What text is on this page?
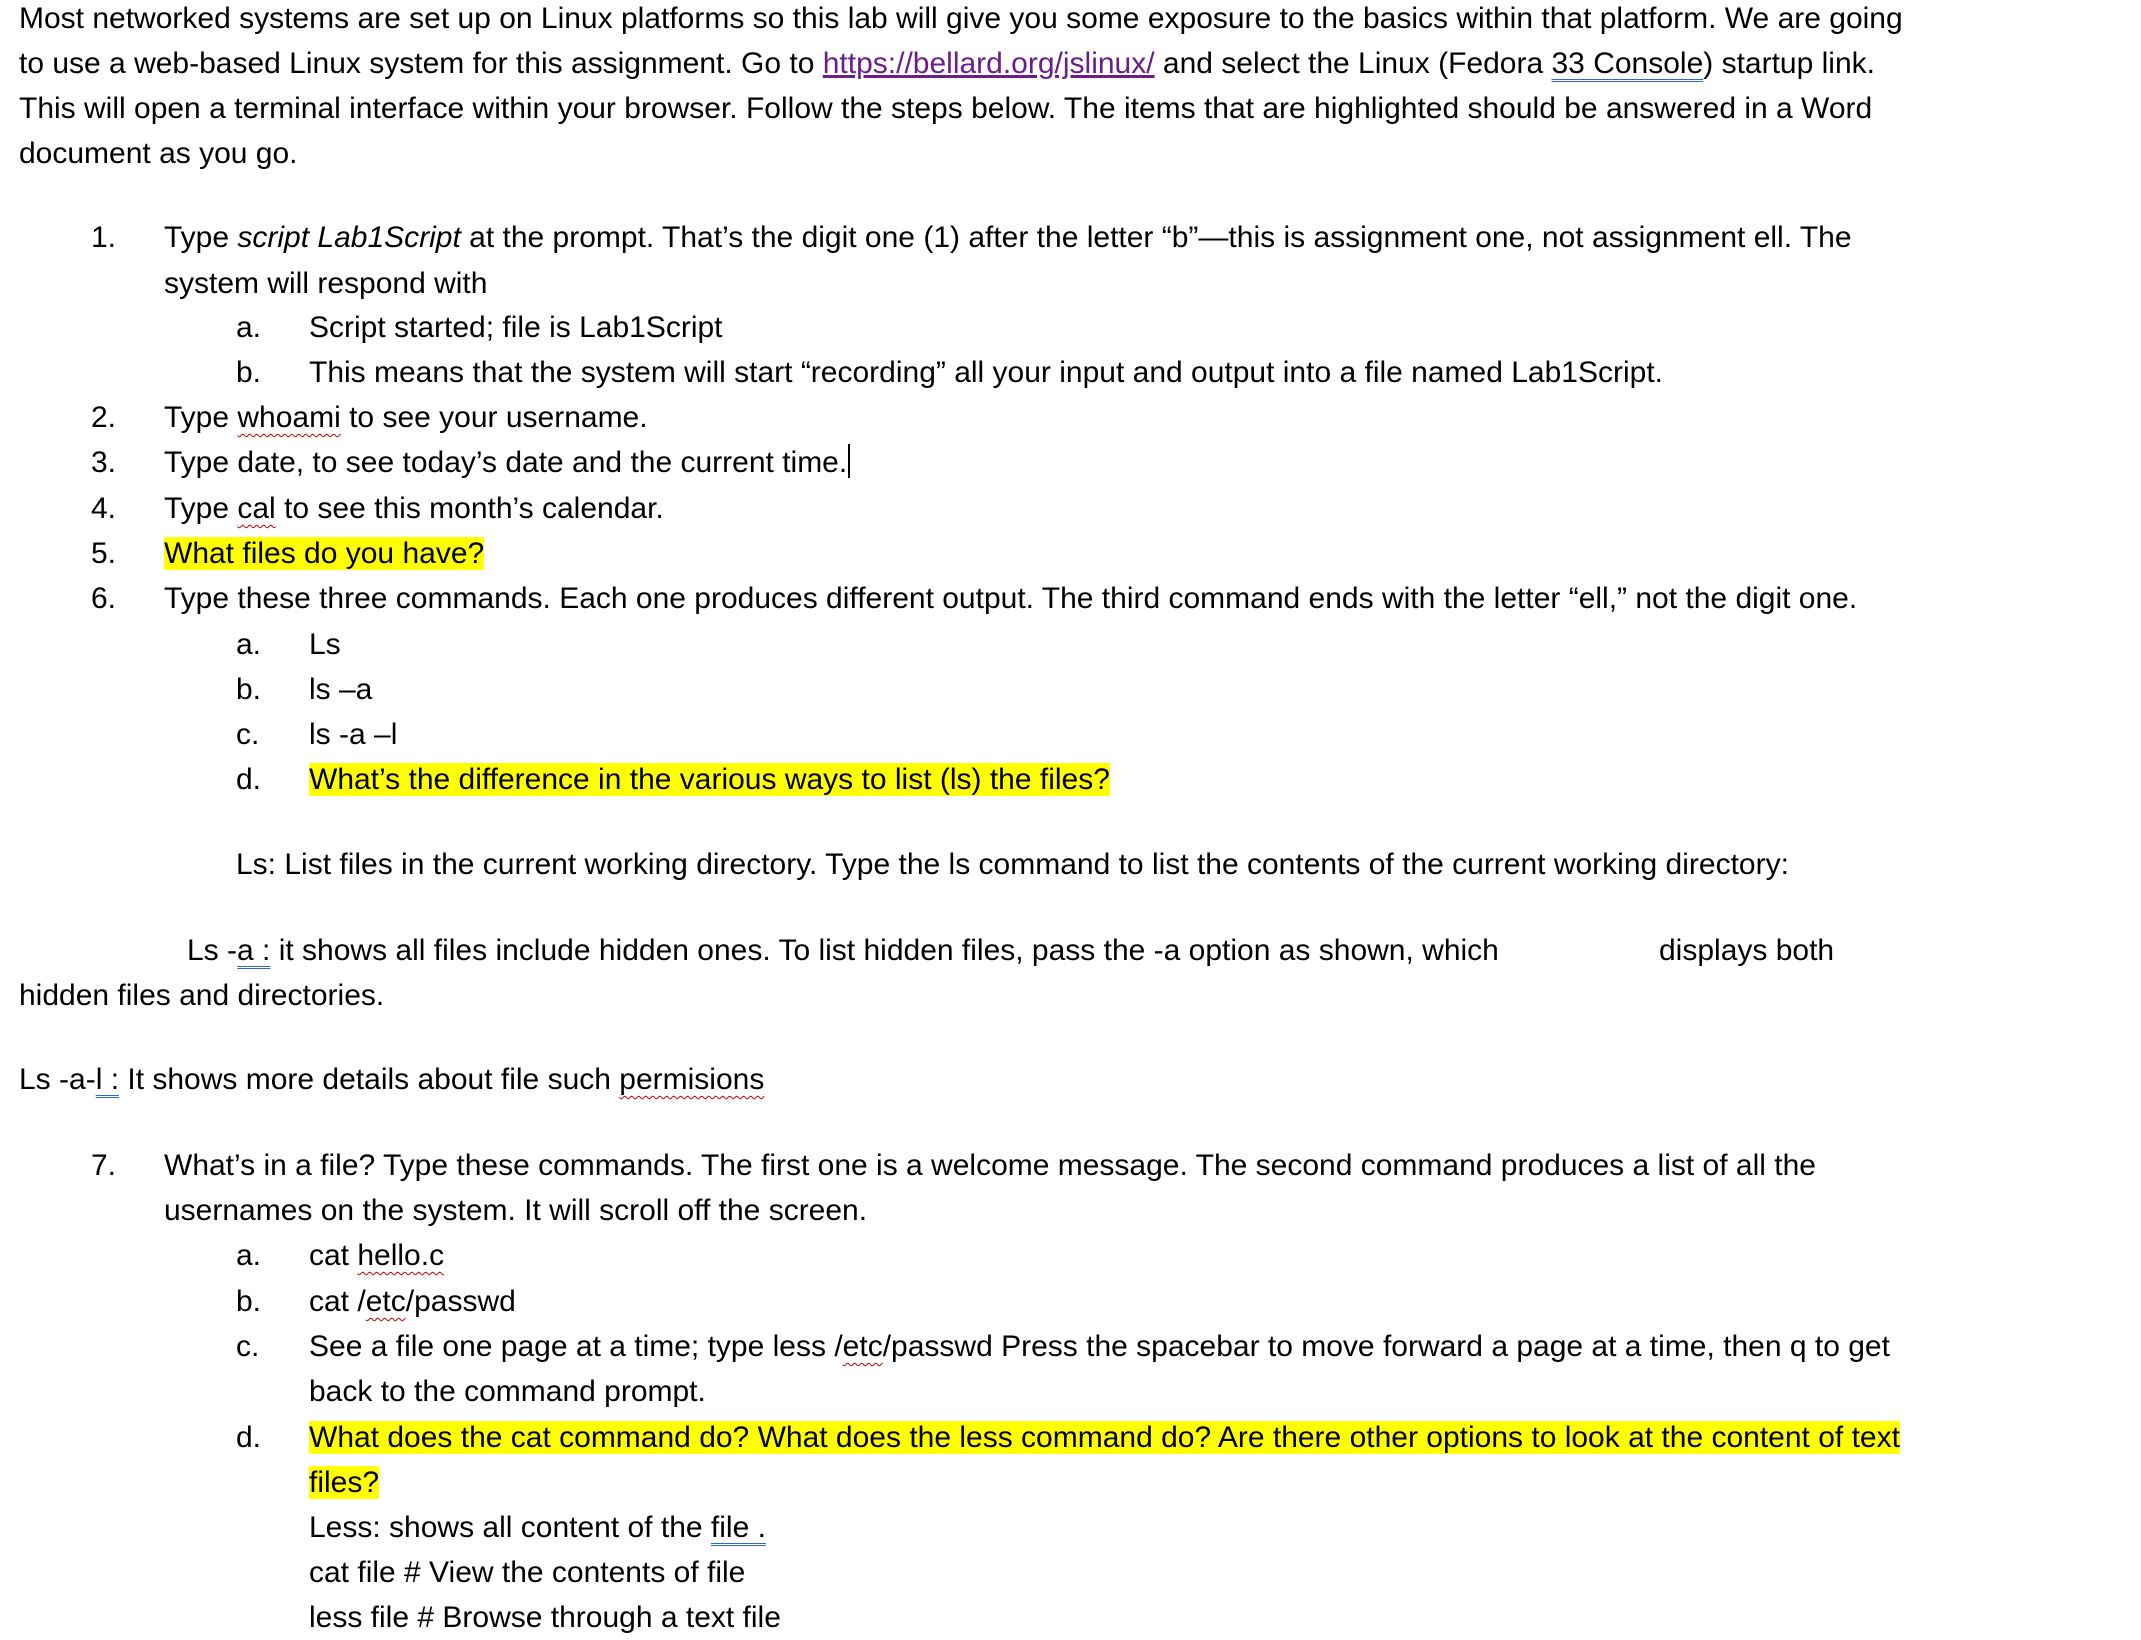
Most networked systems are set up on Linux platforms so this lab will give you some exposure to the basics within that platform. We are going
to use a web-based Linux system for this assignment. Go to https://bellard.org/jslinux/ and select the Linux (Fedora 33 Console) startup link.
This will open a terminal interface within your browser. Follow the steps below. The items that are highlighted should be answered in a Word
document as you go.
1. Type script Lab1Script at the prompt. That’s the digit one (1) after the letter “b”—this is assignment one, not assignment ell. The
system will respond with
a. Script started; file is Lab1Script
b. This means that the system will start “recording” all your input and output into a file named Lab1Script.
2. Type whoami to see your username.
3. Type date, to see today’s date and the current time.
4. Type cal to see this month’s calendar.
5. What files do you have?
6. Type these three commands. Each one produces different output. The third command ends with the letter “ell,” not the digit one.
a. Ls
b. ls –a
c. ls -a –l
d. What’s the difference in the various ways to list (ls) the files?
Ls: List files in the current working directory. Type the ls command to list the contents of the current working directory:
Ls -a : it shows all files include hidden ones. To list hidden files, pass the -a option as shown, which	displays both
hidden files and directories.
Ls -a-l : It shows more details about file such permisions
7. What’s in a file? Type these commands. The first one is a welcome message. The second command produces a list of all the
usernames on the system. It will scroll off the screen.
a. cat hello.c
b. cat /etc/passwd
c. See a file one page at a time; type less /etc/passwd Press the spacebar to move forward a page at a time, then q to get
back to the command prompt.
d. What does the cat command do? What does the less command do? Are there other options to look at the content of text
files?
Less: shows all content of the file .
cat file # View the contents of file
less file # Browse through a text file
